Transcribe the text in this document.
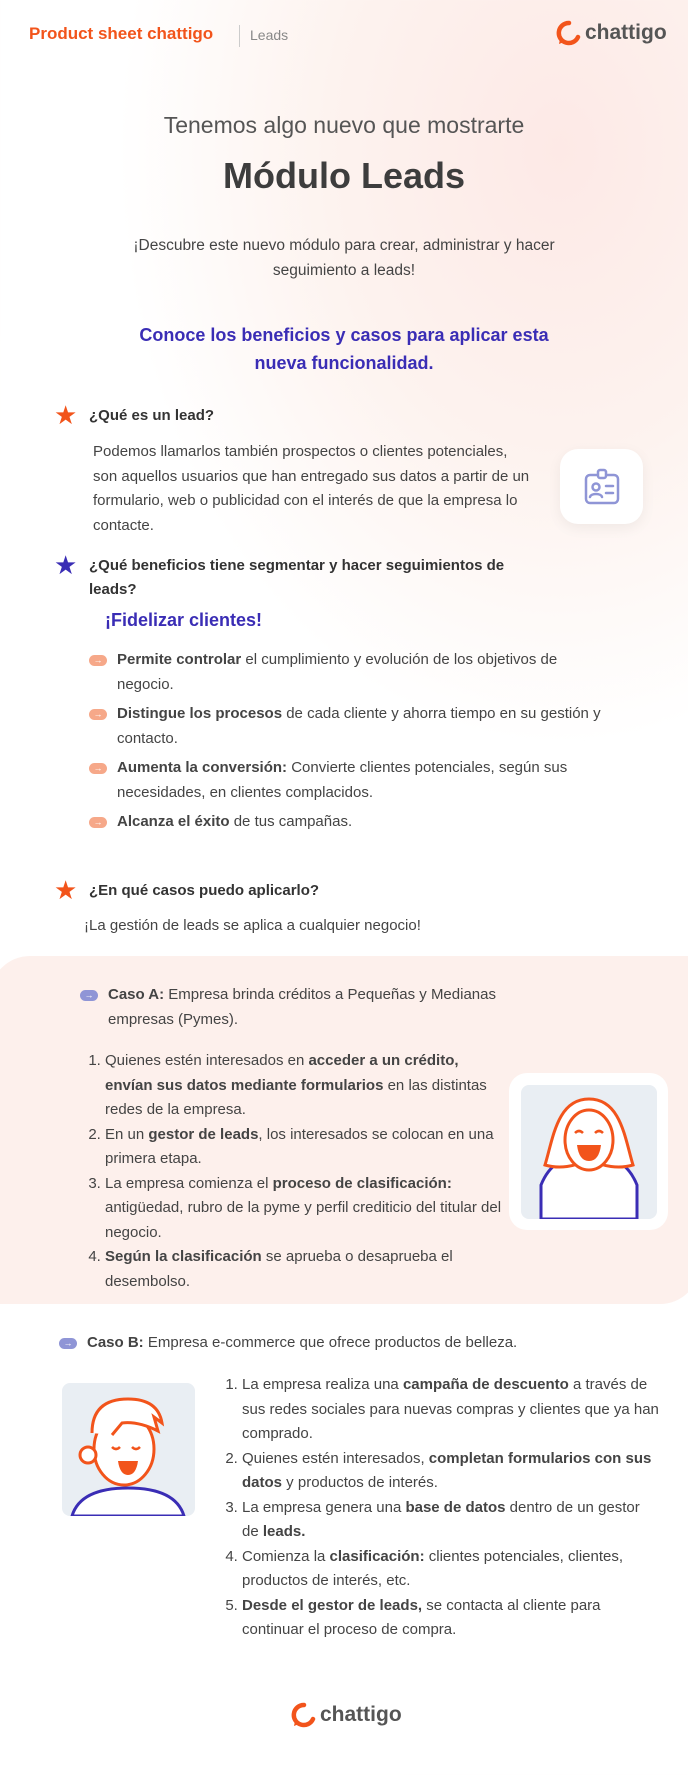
Product sheet chattigo	Leads	chattigo
Tenemos algo nuevo que mostrarte
Módulo Leads
¡Descubre este nuevo módulo para crear, administrar y hacer seguimiento a leads!
Conoce los beneficios y casos para aplicar esta nueva funcionalidad.
★ ¿Qué es un lead?
Podemos llamarlos también prospectos o clientes potenciales, son aquellos usuarios que han entregado sus datos a partir de un formulario, web o publicidad con el interés de que la empresa lo contacte.
★ ¿Qué beneficios tiene segmentar y hacer seguimientos de leads?
¡Fidelizar clientes!
→ Permite controlar el cumplimiento y evolución de los objetivos de negocio.
→ Distingue los procesos de cada cliente y ahorra tiempo en su gestión y contacto.
→ Aumenta la conversión: Convierte clientes potenciales, según sus necesidades, en clientes complacidos.
→ Alcanza el éxito de tus campañas.
★ ¿En qué casos puedo aplicarlo?
¡La gestión de leads se aplica a cualquier negocio!
→ Caso A: Empresa brinda créditos a Pequeñas y Medianas empresas (Pymes).
1. Quienes estén interesados en acceder a un crédito, envían sus datos mediante formularios en las distintas redes de la empresa.
2. En un gestor de leads, los interesados se colocan en una primera etapa.
3. La empresa comienza el proceso de clasificación: antigüedad, rubro de la pyme y perfil crediticio del titular del negocio.
4. Según la clasificación se aprueba o desaprueba el desembolso.
→ Caso B: Empresa e-commerce que ofrece productos de belleza.
1. La empresa realiza una campaña de descuento a través de sus redes sociales para nuevas compras y clientes que ya han comprado.
2. Quienes estén interesados, completan formularios con sus datos y productos de interés.
3. La empresa genera una base de datos dentro de un gestor de leads.
4. Comienza la clasificación: clientes potenciales, clientes, productos de interés, etc.
5. Desde el gestor de leads, se contacta al cliente para continuar el proceso de compra.
chattigo
